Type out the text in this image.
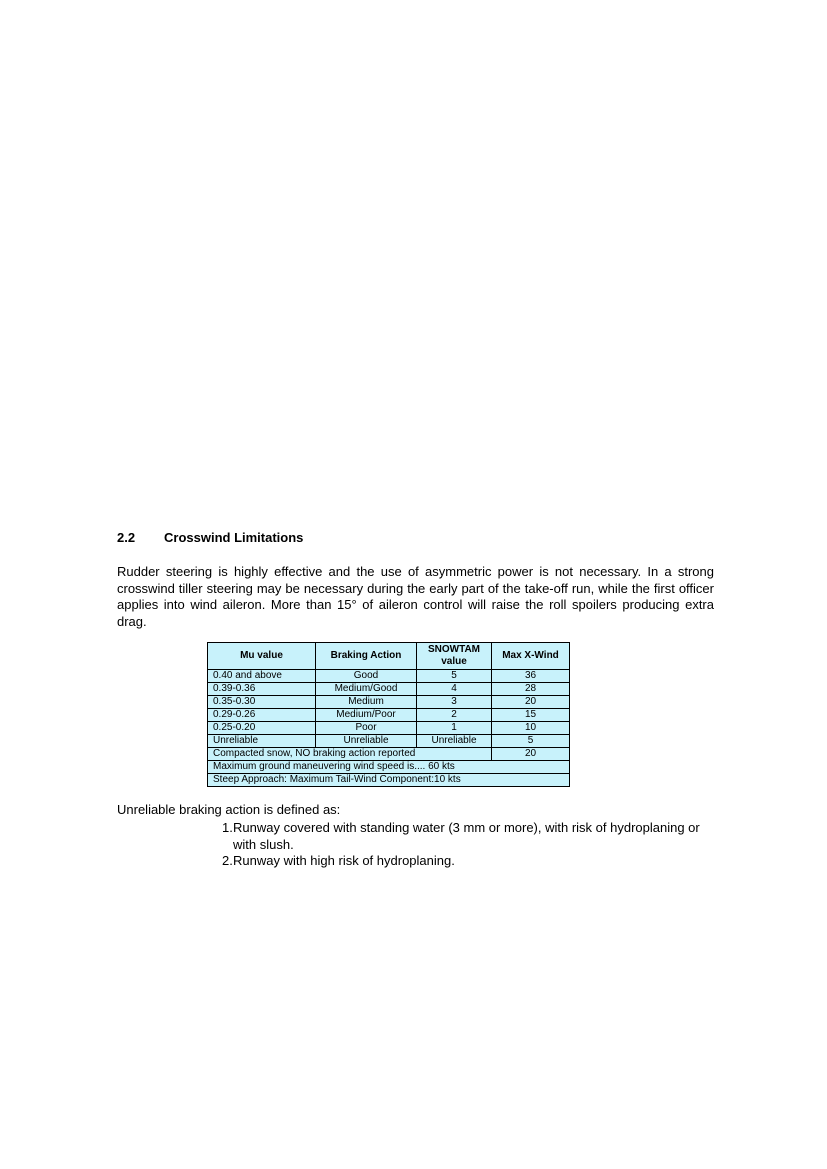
2.2 Crosswind Limitations

Rudder steering is highly effective and the use of asymmetric power is not necessary. In a strong crosswind tiller steering may be necessary during the early part of the take-off run, while the first officer applies into wind aileron. More than 15° of aileron control will raise the roll spoilers producing extra drag.

Mu value	Braking Action	SNOWTAM value	Max X-Wind
0.40 and above	Good	5	36
0.39-0.36	Medium/Good	4	28
0.35-0.30	Medium	3	20
0.29-0.26	Medium/Poor	2	15
0.25-0.20	Poor	1	10
Unreliable	Unreliable	Unreliable	5
Compacted snow, NO braking action reported			20
Maximum ground maneuvering wind speed is.... 60 kts			
Steep Approach: Maximum Tail-Wind Component:10 kts			
Unreliable braking action is defined as:
1. Runway covered with standing water (3 mm or more), with risk of hydroplaning or with slush.
2. Runway with high risk of hydroplaning.
